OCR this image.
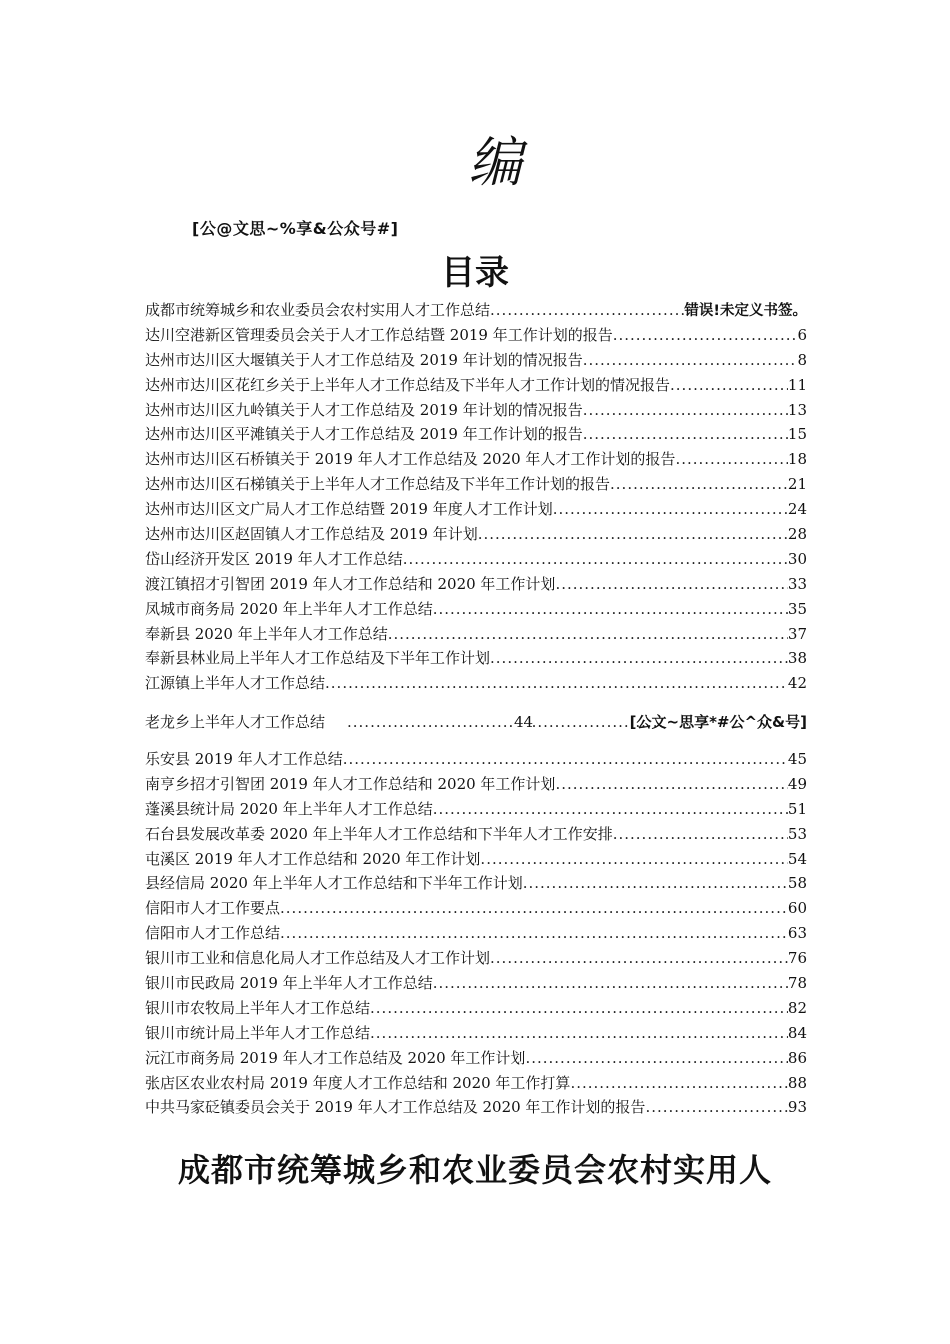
编
[公@文思~%享&公众号#]
目录
成都市统筹城乡和农业委员会农村实用人才工作总结 .....	错误!未定义书签。
达川空港新区管理委员会关于人才工作总结暨 2019 年工作计划的报告 .....	6
达州市达川区大堰镇关于人才工作总结及 2019 年计划的情况报告 .....	8
达州市达川区花红乡关于上半年人才工作总结及下半年人才工作计划的情况报告 .....	11
达州市达川区九岭镇关于人才工作总结及 2019 年计划的情况报告 .....	13
达州市达川区平滩镇关于人才工作总结及 2019 年工作计划的报告 .....	15
达州市达川区石桥镇关于 2019 年人才工作总结及 2020 年人才工作计划的报告 .....	18
达州市达川区石梯镇关于上半年人才工作总结及下半年工作计划的报告 .....	21
达州市达川区文广局人才工作总结暨 2019 年度人才工作计划 .....	24
达州市达川区赵固镇人才工作总结及 2019 年计划 .....	28
岱山经济开发区 2019 年人才工作总结 .....	30
渡江镇招才引智团 2019 年人才工作总结和 2020 年工作计划 .....	33
凤城市商务局 2020 年上半年人才工作总结 .....	35
奉新县 2020 年上半年人才工作总结 .....	37
奉新县林业局上半年人才工作总结及下半年工作计划 .....	38
江源镇上半年人才工作总结 .....	42
老龙乡上半年人才工作总结 .....	44	[公文~思享*#公^众&号]
乐安县 2019 年人才工作总结 .....	45
南亨乡招才引智团 2019 年人才工作总结和 2020 年工作计划 .....	49
蓬溪县统计局 2020 年上半年人才工作总结 .....	51
石台县发展改革委 2020 年上半年人才工作总结和下半年人才工作安排 .....	53
屯溪区 2019 年人才工作总结和 2020 年工作计划 .....	54
县经信局 2020 年上半年人才工作总结和下半年工作计划 .....	58
信阳市人才工作要点 .....	60
信阳市人才工作总结 .....	63
银川市工业和信息化局人才工作总结及人才工作计划 .....	76
银川市民政局 2019 年上半年人才工作总结 .....	78
银川市农牧局上半年人才工作总结 .....	82
银川市统计局上半年人才工作总结 .....	84
沅江市商务局 2019 年人才工作总结及 2020 年工作计划 .....	86
张店区农业农村局 2019 年度人才工作总结和 2020 年工作打算 .....	88
中共马家砭镇委员会关于 2019 年人才工作总结及 2020 年工作计划的报告 .....	93
成都市统筹城乡和农业委员会农村实用人
